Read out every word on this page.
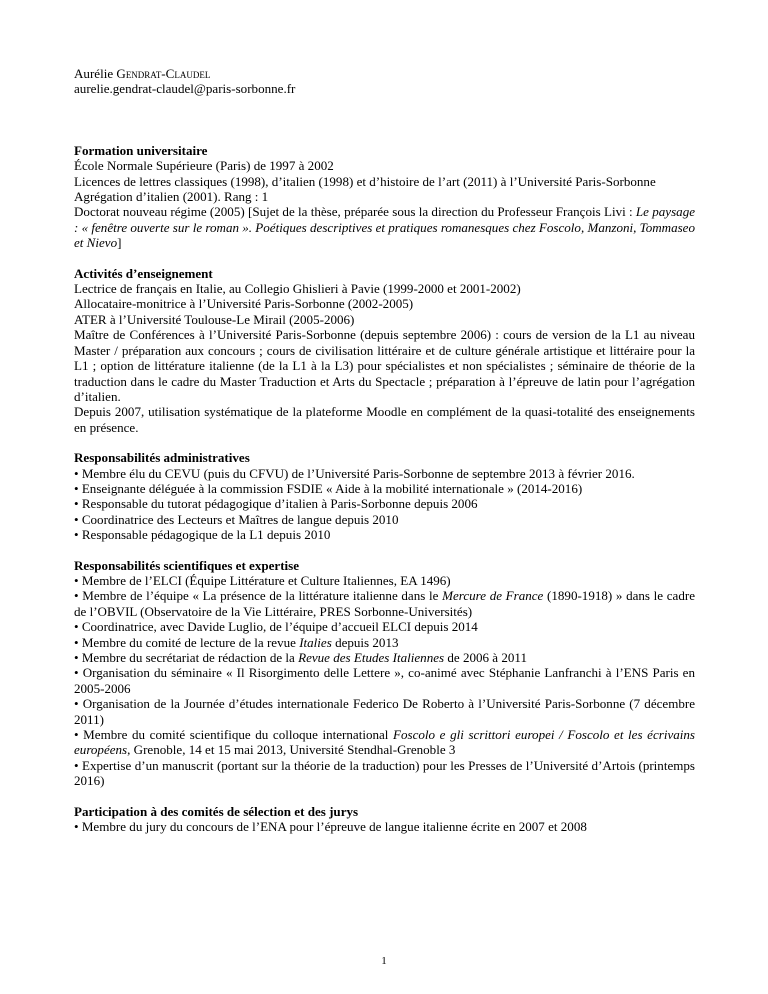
Aurélie Gendrat-Claudel

aurelie.gendrat-claudel@paris-sorbonne.fr

Formation universitaire

École Normale Supérieure (Paris) de 1997 à 2002

Licences de lettres classiques (1998), d’italien (1998) et d’histoire de l’art (2011) à l’Université Paris-Sorbonne

Agrégation d’italien (2001). Rang : 1

Doctorat nouveau régime (2005) [Sujet de la thèse, préparée sous la direction du Professeur François Livi : Le paysage : « fenêtre ouverte sur le roman ». Poétiques descriptives et pratiques romanesques chez Foscolo, Manzoni, Tommaseo et Nievo]

Activités d’enseignement

Lectrice de français en Italie, au Collegio Ghislieri à Pavie (1999-2000 et 2001-2002)

Allocataire-monitrice à l’Université Paris-Sorbonne (2002-2005)

ATER à l’Université Toulouse-Le Mirail (2005-2006)

Maître de Conférences à l’Université Paris-Sorbonne (depuis septembre 2006) : cours de version de la L1 au niveau Master / préparation aux concours ; cours de civilisation littéraire et de culture générale artistique et littéraire pour la L1 ; option de littérature italienne (de la L1 à la L3) pour spécialistes et non spécialistes ; séminaire de théorie de la traduction dans le cadre du Master Traduction et Arts du Spectacle ; préparation à l’épreuve de latin pour l’agrégation d’italien.

Depuis 2007, utilisation systématique de la plateforme Moodle en complément de la quasi-totalité des enseignements en présence.

Responsabilités administratives

• Membre élu du CEVU (puis du CFVU) de l’Université Paris-Sorbonne de septembre 2013 à février 2016.

• Enseignante déléguée à la commission FSDIE « Aide à la mobilité internationale » (2014-2016)

• Responsable du tutorat pédagogique d’italien à Paris-Sorbonne depuis 2006

• Coordinatrice des Lecteurs et Maîtres de langue depuis 2010

• Responsable pédagogique de la L1 depuis 2010

Responsabilités scientifiques et expertise

• Membre de l’ELCI (Équipe Littérature et Culture Italiennes, EA 1496)

• Membre de l’équipe « La présence de la littérature italienne dans le Mercure de France (1890-1918) » dans le cadre de l’OBVIL (Observatoire de la Vie Littéraire, PRES Sorbonne-Universités)

• Coordinatrice, avec Davide Luglio, de l’équipe d’accueil ELCI depuis 2014

• Membre du comité de lecture de la revue Italies depuis 2013

• Membre du secrétariat de rédaction de la Revue des Etudes Italiennes de 2006 à 2011

• Organisation du séminaire « Il Risorgimento delle Lettere », co-animé avec Stéphanie Lanfranchi à l’ENS Paris en 2005-2006

• Organisation de la Journée d’études internationale Federico De Roberto à l’Université Paris-Sorbonne (7 décembre 2011)

• Membre du comité scientifique du colloque international Foscolo e gli scrittori europei / Foscolo et les écrivains européens, Grenoble, 14 et 15 mai 2013, Université Stendhal-Grenoble 3

• Expertise d’un manuscrit (portant sur la théorie de la traduction) pour les Presses de l’Université d’Artois (printemps 2016)

Participation à des comités de sélection et des jurys

• Membre du jury du concours de l’ENA pour l’épreuve de langue italienne écrite en 2007 et 2008

1
